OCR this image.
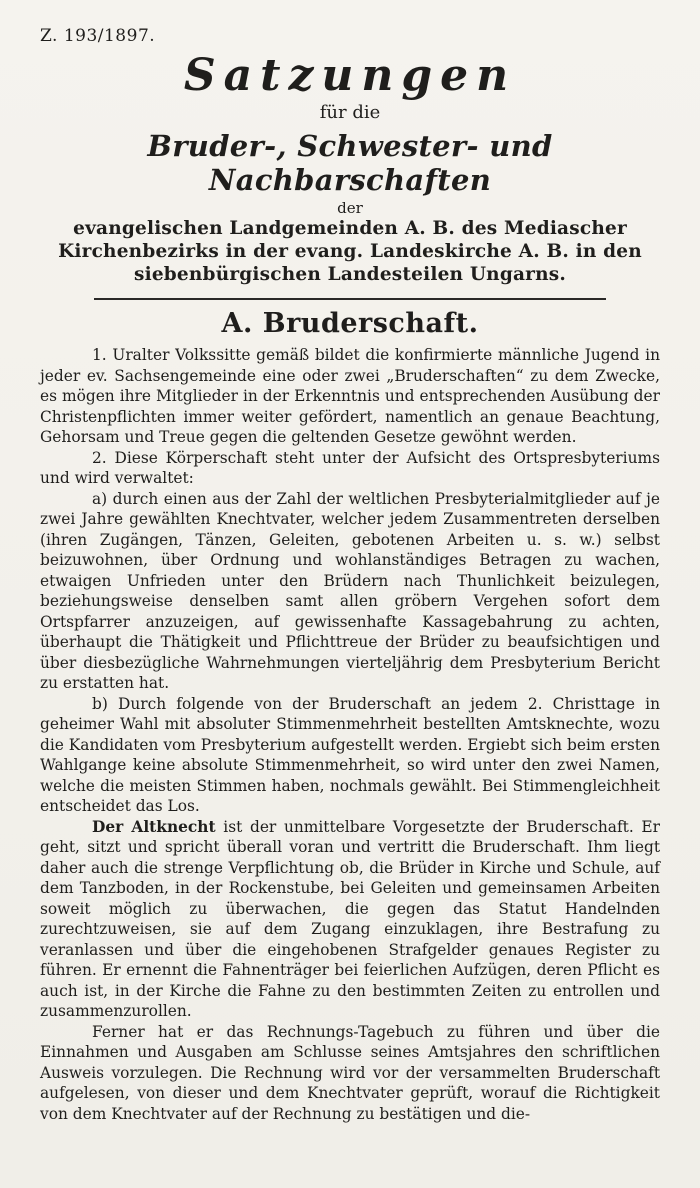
Z. 193/1897.
Satzungen
für die
Bruder-, Schwester- und Nachbarschaften
der
evangelischen Landgemeinden A. B. des Mediascher Kirchenbezirks in der evang. Landeskirche A. B. in den siebenbürgischen Landesteilen Ungarns.
A. Bruderschaft.

1. Uralter Volkssitte gemäß bildet die konfirmierte männliche Jugend in jeder ev. Sachsengemeinde eine oder zwei „Bruderschaften“ zu dem Zwecke, es mögen ihre Mitglieder in der Erkenntnis und entsprechenden Ausübung der Christenpflichten immer weiter gefördert, namentlich an genaue Beachtung, Gehorsam und Treue gegen die geltenden Gesetze gewöhnt werden.

2. Diese Körperschaft steht unter der Aufsicht des Ortspresbyteriums und wird verwaltet:

a) durch einen aus der Zahl der weltlichen Presbyterialmitglieder auf je zwei Jahre gewählten Knechtvater, welcher jedem Zusammentreten derselben (ihren Zugängen, Tänzen, Geleiten, gebotenen Arbeiten u. s. w.) selbst beizuwohnen, über Ordnung und wohlanständiges Betragen zu wachen, etwaigen Unfrieden unter den Brüdern nach Thunlichkeit beizulegen, beziehungsweise denselben samt allen gröbern Vergehen sofort dem Ortspfarrer anzuzeigen, auf gewissenhafte Kassagebahrung zu achten, überhaupt die Thätigkeit und Pflichttreue der Brüder zu beaufsichtigen und über diesbezügliche Wahrnehmungen vierteljährig dem Presbyterium Bericht zu erstatten hat.

b) Durch folgende von der Bruderschaft an jedem 2. Christtage in geheimer Wahl mit absoluter Stimmenmehrheit bestellten Amtsknechte, wozu die Kandidaten vom Presbyterium aufgestellt werden. Ergiebt sich beim ersten Wahlgange keine absolute Stimmenmehrheit, so wird unter den zwei Namen, welche die meisten Stimmen haben, nochmals gewählt. Bei Stimmengleichheit entscheidet das Los.

Der Altknecht ist der unmittelbare Vorgesetzte der Bruderschaft. Er geht, sitzt und spricht überall voran und vertritt die Bruderschaft. Ihm liegt daher auch die strenge Verpflichtung ob, die Brüder in Kirche und Schule, auf dem Tanzboden, in der Rockenstube, bei Geleiten und gemeinsamen Arbeiten soweit möglich zu überwachen, die gegen das Statut Handelnden zurechtzuweisen, sie auf dem Zugang einzuklagen, ihre Bestrafung zu veranlassen und über die eingehobenen Strafgelder genaues Register zu führen. Er ernennt die Fahnenträger bei feierlichen Aufzügen, deren Pflicht es auch ist, in der Kirche die Fahne zu den bestimmten Zeiten zu entrollen und zusammenzurollen.

Ferner hat er das Rechnungs-Tagebuch zu führen und über die Einnahmen und Ausgaben am Schlusse seines Amtsjahres den schriftlichen Ausweis vorzulegen. Die Rechnung wird vor der versammelten Bruderschaft aufgelesen, von dieser und dem Knechtvater geprüft, worauf die Richtigkeit von dem Knechtvater auf der Rechnung zu bestätigen und die-
